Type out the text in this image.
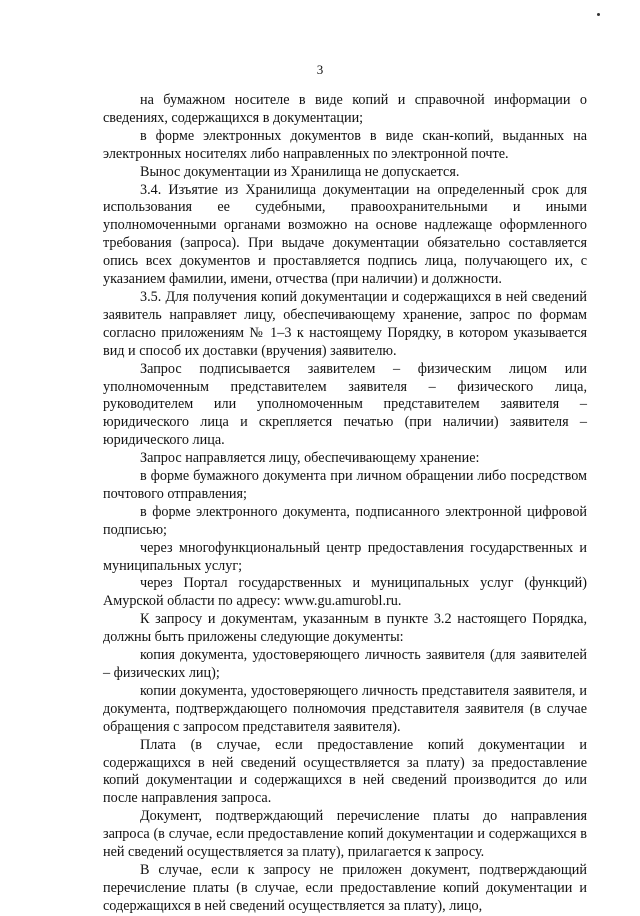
3

на бумажном носителе в виде копий и справочной информации о сведениях, содержащихся в документации;

в форме электронных документов в виде скан-копий, выданных на электронных носителях либо направленных по электронной почте.

Вынос документации из Хранилища не допускается.

3.4. Изъятие из Хранилища документации на определенный срок для использования ее судебными, правоохранительными и иными уполномоченными органами возможно на основе надлежаще оформленного требования (запроса). При выдаче документации обязательно составляется опись всех документов и проставляется подпись лица, получающего их, с указанием фамилии, имени, отчества (при наличии) и должности.

3.5. Для получения копий документации и содержащихся в ней сведений заявитель направляет лицу, обеспечивающему хранение, запрос по формам согласно приложениям № 1–3 к настоящему Порядку, в котором указывается вид и способ их доставки (вручения) заявителю.

Запрос подписывается заявителем – физическим лицом или уполномоченным представителем заявителя – физического лица, руководителем или уполномоченным представителем заявителя – юридического лица и скрепляется печатью (при наличии) заявителя – юридического лица.

Запрос направляется лицу, обеспечивающему хранение:

в форме бумажного документа при личном обращении либо посредством почтового отправления;

в форме электронного документа, подписанного электронной цифровой подписью;

через многофункциональный центр предоставления государственных и муниципальных услуг;

через Портал государственных и муниципальных услуг (функций) Амурской области по адресу: www.gu.amurobl.ru.

К запросу и документам, указанным в пункте 3.2 настоящего Порядка, должны быть приложены следующие документы:

копия документа, удостоверяющего личность заявителя (для заявителей – физических лиц);

копии документа, удостоверяющего личность представителя заявителя, и документа, подтверждающего полномочия представителя заявителя (в случае обращения с запросом представителя заявителя).

Плата (в случае, если предоставление копий документации и содержащихся в ней сведений осуществляется за плату) за предоставление копий документации и содержащихся в ней сведений производится до или после направления запроса.

Документ, подтверждающий перечисление платы до направления запроса (в случае, если предоставление копий документации и содержащихся в ней сведений осуществляется за плату), прилагается к запросу.

В случае, если к запросу не приложен документ, подтверждающий перечисление платы (в случае, если предоставление копий документации и содержащихся в ней сведений осуществляется за плату), лицо,
